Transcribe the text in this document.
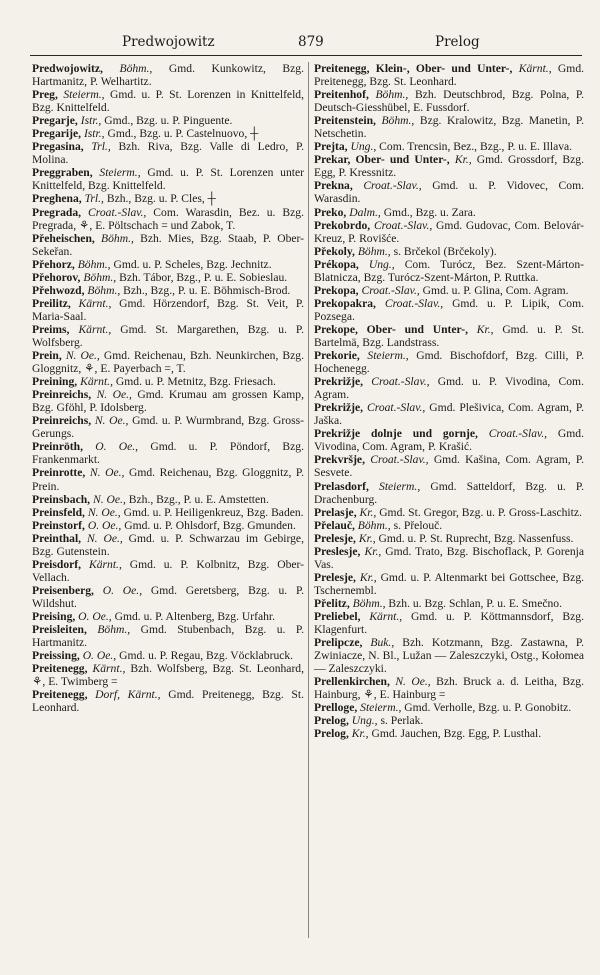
Predwojowitz	879	Prelog

Predwojowitz, Böhm., Gmd. Kunkowitz, Bzg. Hartmanitz, P. Welhartitz.

Preg, Steierm., Gmd. u. P. St. Lorenzen in Knittelfeld, Bzg. Knittelfeld.

Pregarje, Istr., Gmd., Bzg. u. P. Pinguente.

Pregarije, Istr., Gmd., Bzg. u. P. Castelnuovo, ┼

Pregasina, Trl., Bzh. Riva, Bzg. Valle di Ledro, P. Molina.

Preggraben, Steierm., Gmd. u. P. St. Lorenzen unter Knittelfeld, Bzg. Knittelfeld.

Preghena, Trl., Bzh., Bzg. u. P. Cles, ┼

Pregrada, Croat.-Slav., Com. Warasdin, Bez. u. Bzg. Pregrada, ⚘, E. Pöltschach = und Zabok, T.

Přeheischen, Böhm., Bzh. Mies, Bzg. Staab, P. Ober-Sekeřan.

Přehorz, Böhm., Gmd. u. P. Scheles, Bzg. Jechnitz.

Přehorov, Böhm., Bzh. Tábor, Bzg., P. u. E. Sobieslau.

Přehwozd, Böhm., Bzh., Bzg., P. u. E. Böhmisch-Brod.

Preilitz, Kärnt., Gmd. Hörzendorf, Bzg. St. Veit, P. Maria-Saal.

Preims, Kärnt., Gmd. St. Margarethen, Bzg. u. P. Wolfsberg.

Prein, N. Oe., Gmd. Reichenau, Bzh. Neunkirchen, Bzg. Gloggnitz, ⚘, E. Payerbach =, T.

Preining, Kärnt., Gmd. u. P. Metnitz, Bzg. Friesach.

Preinreichs, N. Oe., Gmd. Krumau am grossen Kamp, Bzg. Gföhl, P. Idolsberg.

Preinreichs, N. Oe., Gmd. u. P. Wurmbrand, Bzg. Gross-Gerungs.

Preinröth, O. Oe., Gmd. u. P. Pöndorf, Bzg. Frankenmarkt.

Preinrotte, N. Oe., Gmd. Reichenau, Bzg. Gloggnitz, P. Prein.

Preinsbach, N. Oe., Bzh., Bzg., P. u. E. Amstetten.

Preinsfeld, N. Oe., Gmd. u. P. Heiligenkreuz, Bzg. Baden.

Preinstorf, O. Oe., Gmd. u. P. Ohlsdorf, Bzg. Gmunden.

Preinthal, N. Oe., Gmd. u. P. Schwarzau im Gebirge, Bzg. Gutenstein.

Preisdorf, Kärnt., Gmd. u. P. Kolbnitz, Bzg. Ober-Vellach.

Preisenberg, O. Oe., Gmd. Geretsberg, Bzg. u. P. Wildshut.

Preising, O. Oe., Gmd. u. P. Altenberg, Bzg. Urfahr.

Preisleiten, Böhm., Gmd. Stubenbach, Bzg. u. P. Hartmanitz.

Preissing, O. Oe., Gmd. u. P. Regau, Bzg. Vöcklabruck.

Preitenegg, Kärnt., Bzh. Wolfsberg, Bzg. St. Leonhard, ⚘, E. Twimberg =

Preitenegg, Dorf, Kärnt., Gmd. Preitenegg, Bzg. St. Leonhard.

Preitenegg, Klein-, Ober- und Unter-, Kärnt., Gmd. Preitenegg, Bzg. St. Leonhard.

Preitenhof, Böhm., Bzh. Deutschbrod, Bzg. Polna, P. Deutsch-Giesshübel, E. Fussdorf.

Preitenstein, Böhm., Bzg. Kralowitz, Bzg. Manetin, P. Netschetin.

Prejta, Ung., Com. Trencsin, Bez., Bzg., P. u. E. Illava.

Prekar, Ober- und Unter-, Kr., Gmd. Grossdorf, Bzg. Egg, P. Kressnitz.

Prekna, Croat.-Slav., Gmd. u. P. Vidovec, Com. Warasdin.

Preko, Dalm., Gmd., Bzg. u. Zara.

Prekobrdo, Croat.-Slav., Gmd. Gudovac, Com. Belovár-Kreuz, P. Rovišće.

Překoly, Böhm., s. Brčekol (Brčekoly).

Prékopa, Ung., Com. Turócz, Bez. Szent-Márton-Blatnicza, Bzg. Turócz-Szent-Márton, P. Ruttka.

Prekopa, Croat.-Slav., Gmd. u. P. Glina, Com. Agram.

Prekopakra, Croat.-Slav., Gmd. u. P. Lipik, Com. Pozsega.

Prekope, Ober- und Unter-, Kr., Gmd. u. P. St. Bartelmä, Bzg. Landstrass.

Prekorie, Steierm., Gmd. Bischofdorf, Bzg. Cilli, P. Hochenegg.

Prekrižje, Croat.-Slav., Gmd. u. P. Vivodina, Com. Agram.

Prekrižje, Croat.-Slav., Gmd. Plešivica, Com. Agram, P. Jaška.

Prekrižje dolnje und gornje, Croat.-Slav., Gmd. Vivodina, Com. Agram, P. Krašić.

Prekvršje, Croat.-Slav., Gmd. Kašina, Com. Agram, P. Sesvete.

Prelasdorf, Steierm., Gmd. Satteldorf, Bzg. u. P. Drachenburg.

Prelasje, Kr., Gmd. St. Gregor, Bzg. u. P. Gross-Laschitz.

Přelauč, Böhm., s. Přelouč.

Prelesje, Kr., Gmd. u. P. St. Ruprecht, Bzg. Nassenfuss.

Preslesje, Kr., Gmd. Trato, Bzg. Bischoflack, P. Gorenja Vas.

Prelesje, Kr., Gmd. u. P. Altenmarkt bei Gottschee, Bzg. Tschernembl.

Přelitz, Böhm., Bzh. u. Bzg. Schlan, P. u. E. Smečno.

Preliebel, Kärnt., Gmd. u. P. Köttmannsdorf, Bzg. Klagenfurt.

Prelipcze, Buk., Bzh. Kotzmann, Bzg. Zastawna, P. Zwiniacze, N. Bl., Lužan — Zaleszczyki, Ostg., Kołomea — Zaleszczyki.

Prellenkirchen, N. Oe., Bzh. Bruck a. d. Leitha, Bzg. Hainburg, ⚘, E. Hainburg =

Prelloge, Steierm., Gmd. Verholle, Bzg. u. P. Gonobitz.

Prelog, Ung., s. Perlak.

Prelog, Kr., Gmd. Jauchen, Bzg. Egg, P. Lusthal.
